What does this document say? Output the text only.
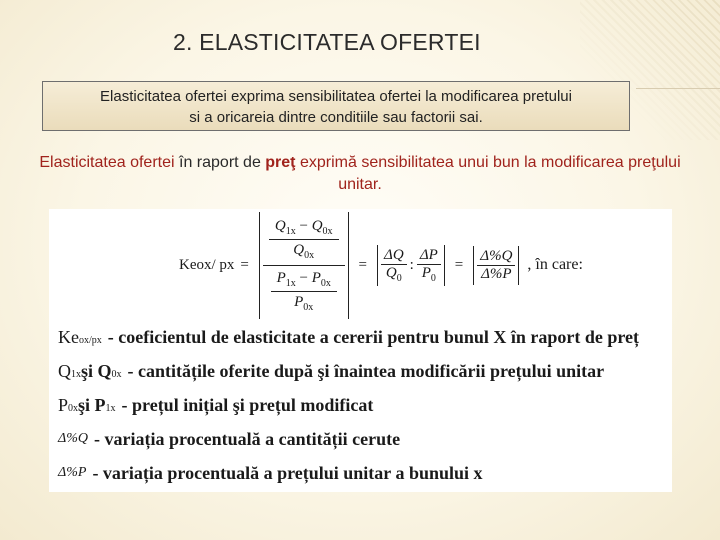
2. ELASTICITATEA OFERTEI
Elasticitatea ofertei exprima sensibilitatea ofertei la modificarea pretului
si a oricareia dintre conditiile sau factorii sai.
Elasticitatea ofertei în raport de preţ exprimă sensibilitatea unui bun la modificarea preţului unitar.
Keox/ px = $\frac{\frac{Q_{1x} - Q_{0x}}{Q_{0x}}}{\frac{P_{1x} - P_{0x}}{P_{0x}}} = \frac{\Delta Q}{Q_0}$ : $\frac{\Delta P}{P_0} = \frac{\Delta\%Q}{\Delta\%P}$ , în care:
Ke ox/px - coeficientul de elasticitate a cererii pentru bunul X în raport de preț
Q 1x şi Q 0x - cantitățile oferite după şi înaintea modificării prețului unitar
P 0x şi P 1x - prețul inițial şi prețul modificat
Δ%Q - variația procentuală a cantității cerute
Δ%P - variația procentuală a prețului unitar a bunului x
